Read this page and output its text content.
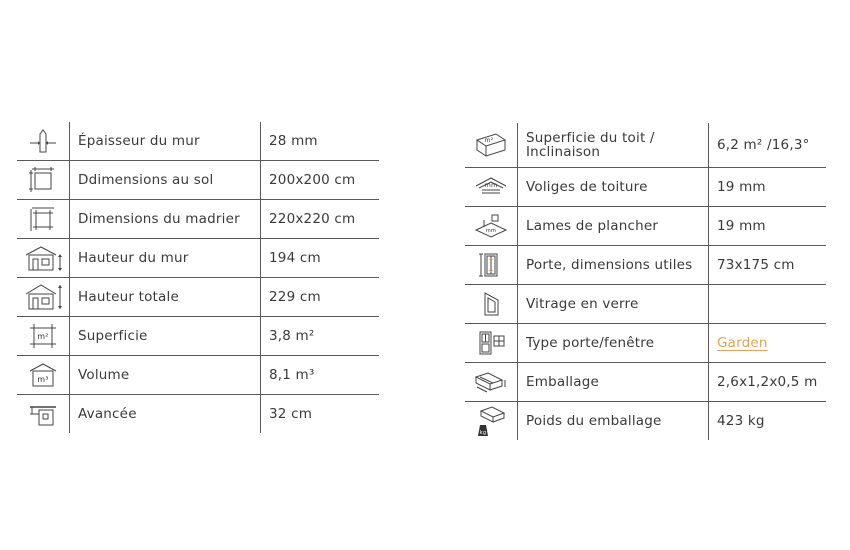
	Épaisseur du mur	28 mm

	Ddimensions au sol	200x200 cm

	Dimensions du madrier	220x220 cm

	Hauteur du mur	194 cm

	Hauteur totale	229 cm

m²	Superficie	3,8 m²

m³	Volume	8,1 m³

	Avancée	32 cm
m²	Superficie du toit /
Inclinaison	6,2 m² /16,3°

mm	Voliges de toiture	19 mm

mm	Lames de plancher	19 mm

	Porte, dimensions utiles	73x175 cm

	Vitrage en verre	

	Type porte/fenêtre	Garden

	Emballage	2,6x1,2x0,5 m

kg	Poids du emballage	423 kg
